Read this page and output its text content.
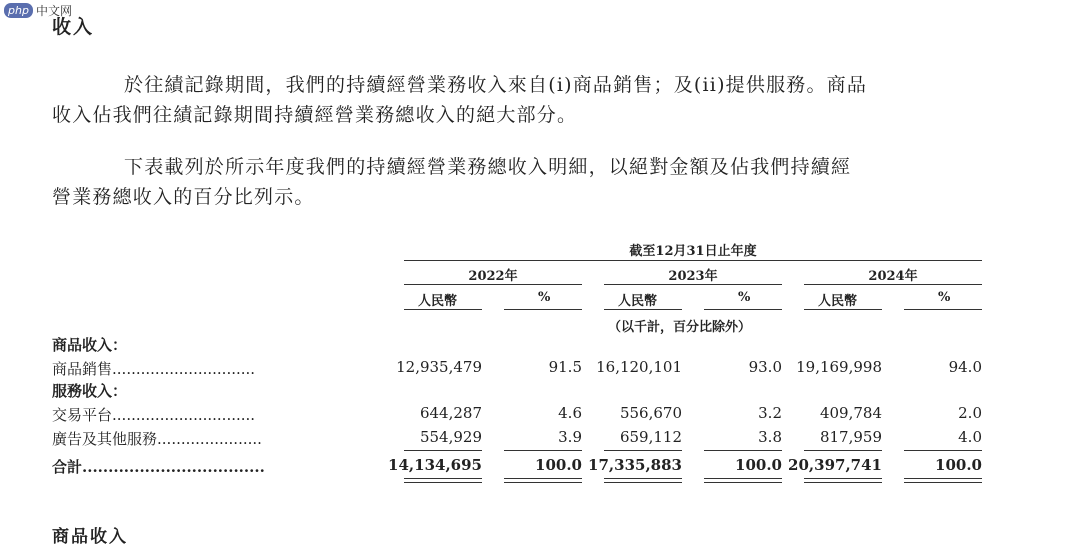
php 中文网
收入
於往績記錄期間，我們的持續經營業務收入來自(i)商品銷售；及(ii)提供服務。商品
收入佔我們往績記錄期間持續經營業務總收入的絕大部分。
下表載列於所示年度我們的持續經營業務總收入明細，以絕對金額及佔我們持續經
營業務總收入的百分比列示。
截至12月31日止年度
2022年	2023年	2024年
人民幣	%	人民幣	%	人民幣	%
（以千計，百分比除外）
商品收入：
商品銷售..............................	12,935,479	91.5 16,120,101	93.0 19,169,998	94.0
服務收入：
交易平台..............................	644,287	4.6	556,670	3.2	409,784	2.0
廣告及其他服務......................	554,929	3.9	659,112	3.8	817,959	4.0
合計...................................	14,134,695	100.0 17,335,883	100.0 20,397,741	100.0
商品收入
